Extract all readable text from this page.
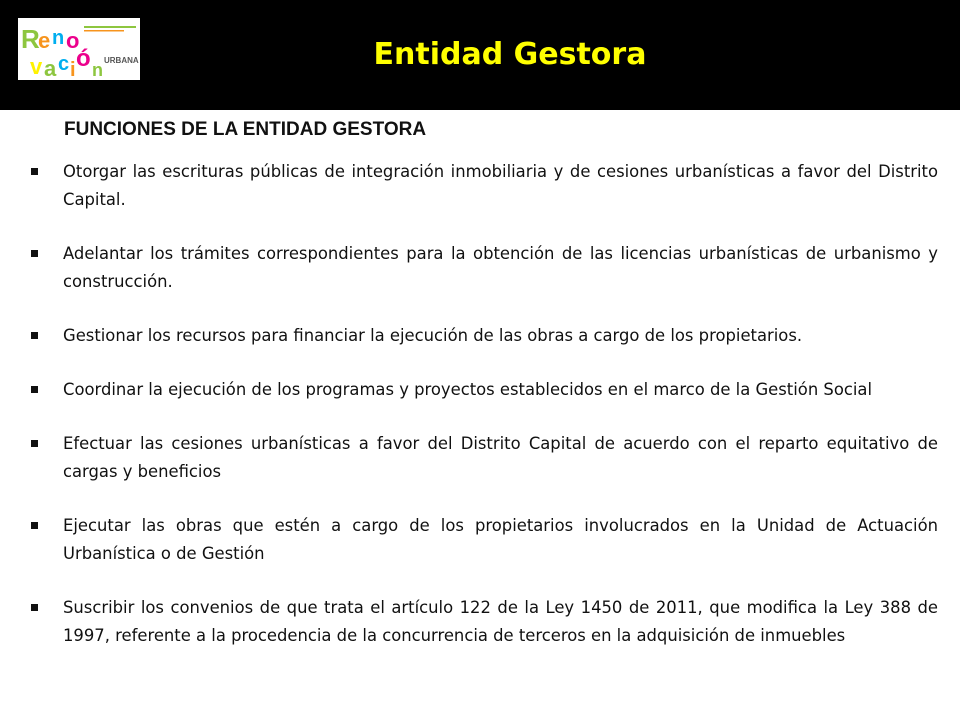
R
e n o
v a c i ó n URBANA	Entidad Gestora
FUNCIONES DE LA ENTIDAD GESTORA
Otorgar las escrituras públicas de integración inmobiliaria y de cesiones urbanísticas a favor del Distrito Capital.
Adelantar los trámites correspondientes para la obtención de las licencias urbanísticas de urbanismo y construcción.
Gestionar los recursos para financiar la ejecución de las obras a cargo de los propietarios.
Coordinar la ejecución de los programas y proyectos establecidos en el marco de la Gestión Social
Efectuar las cesiones urbanísticas a favor del Distrito Capital de acuerdo con el reparto equitativo de cargas y beneficios
Ejecutar las obras que estén a cargo de los propietarios involucrados en la Unidad de Actuación Urbanística o de Gestión
Suscribir los convenios de que trata el artículo 122 de la Ley 1450 de 2011, que modifica la Ley 388 de 1997, referente a la procedencia de la concurrencia de terceros en la adquisición de inmuebles
